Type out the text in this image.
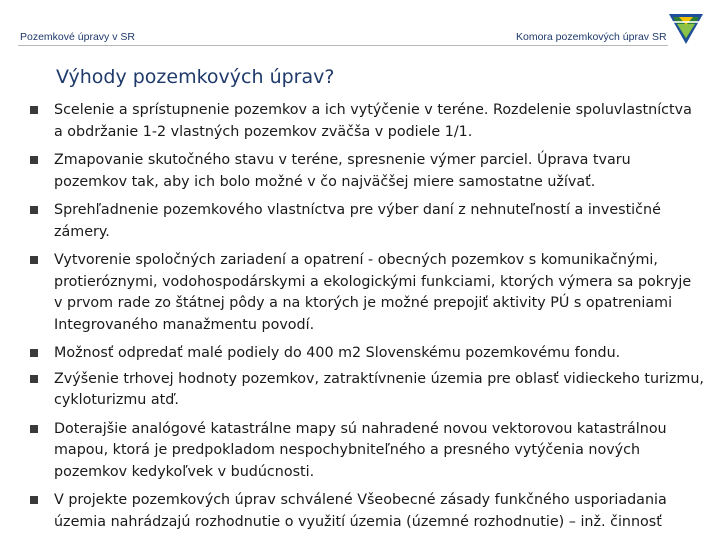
Pozemkové úpravy v SR	Komora pozemkových úprav SR
Výhody pozemkových úprav?
Scelenie a sprístupnenie pozemkov a ich vytýčenie v teréne. Rozdelenie spoluvlastníctva
a obdržanie 1-2 vlastných pozemkov zväčša v podiele 1/1.
Zmapovanie skutočného stavu v teréne, spresnenie výmer parciel. Úprava tvaru
pozemkov tak, aby ich bolo možné v čo najväčšej miere samostatne užívať.
Sprehľadnenie pozemkového vlastníctva pre výber daní z nehnuteľností a investičné
zámery.
Vytvorenie spoločných zariadení a opatrení - obecných pozemkov s komunikačnými,
protieróznymi, vodohospodárskymi a ekologickými funkciami, ktorých výmera sa pokryje
v prvom rade zo štátnej pôdy a na ktorých je možné prepojiť aktivity PÚ s opatreniami
Integrovaného manažmentu povodí.
Možnosť odpredať malé podiely do 400 m2 Slovenskému pozemkovému fondu.
Zvýšenie trhovej hodnoty pozemkov, zatraktívnenie územia pre oblasť vidieckeho turizmu,
cykloturizmu atď.
Doterajšie analógové katastrálne mapy sú nahradené novou vektorovou katastrálnou
mapou, ktorá je predpokladom nespochybniteľného a presného vytýčenia nových
pozemkov kedykoľvek v budúcnosti.
V projekte pozemkových úprav schválené Všeobecné zásady funkčného usporiadania
územia nahrádzajú rozhodnutie o využití územia (územné rozhodnutie) – inž. činnosť
